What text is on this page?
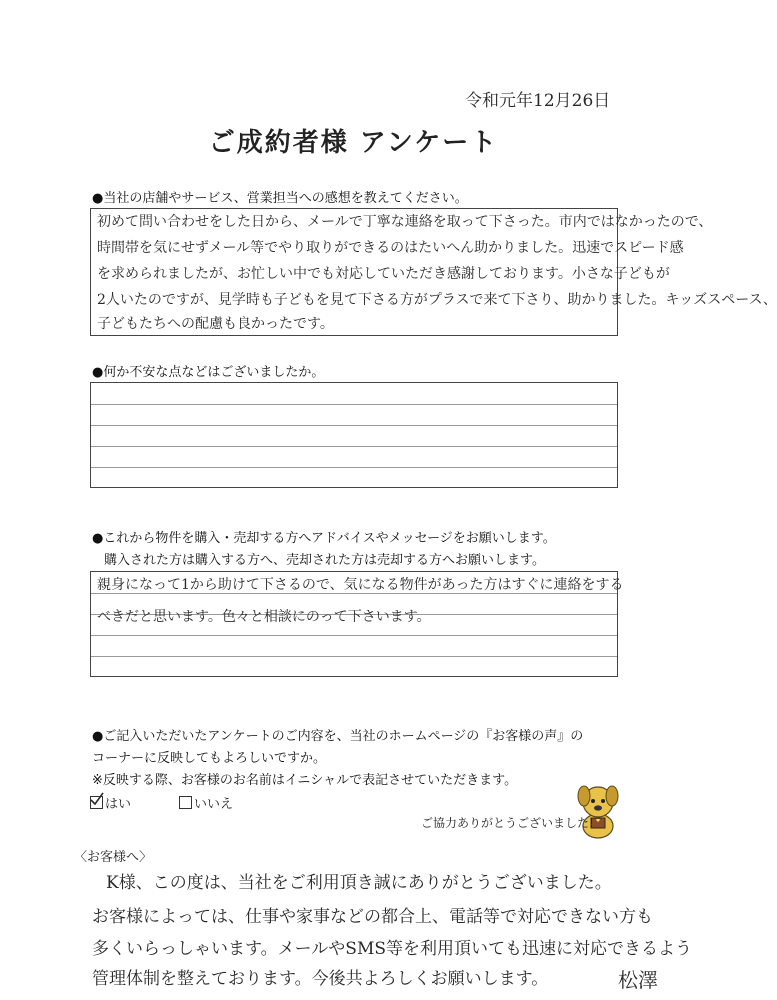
令和元年12月26日
ご成約者様 アンケート
●当社の店舗やサービス、営業担当への感想を教えてください。
初めて問い合わせをした日から、メールで丁寧な連絡を取って下さった。市内ではなかったので、
時間帯を気にせずメール等でやり取りができるのはたいへん助かりました。迅速でスピード感
を求められましたが、お忙しい中でも対応していただき感謝しております。小さな子どもが
2人いたのですが、見学時も子どもを見て下さる方がプラスで来て下さり、助かりました。キッズスペース、
子どもたちへの配慮も良かったです。
●何か不安な点などはございましたか。
●これから物件を購入・売却する方へアドバイスやメッセージをお願いします。
購入された方は購入する方へ、売却された方は売却する方へお願いします。
親身になって1から助けて下さるので、気になる物件があった方はすぐに連絡をする
べきだと思います。色々と相談にのって下さいます。
●ご記入いただいたアンケートのご内容を、当社のホームページの『お客様の声』の
コーナーに反映してもよろしいですか。
※反映する際、お客様のお名前はイニシャルで表記させていただきます。
はい	いいえ
ご協力ありがとうございました!
〈お客様へ〉
K様、この度は、当社をご利用頂き誠にありがとうございました。
お客様によっては、仕事や家事などの都合上、電話等で対応できない方も
多くいらっしゃいます。メールやSMS等を利用頂いても迅速に対応できるよう
管理体制を整えております。今後共よろしくお願いします。	松澤
